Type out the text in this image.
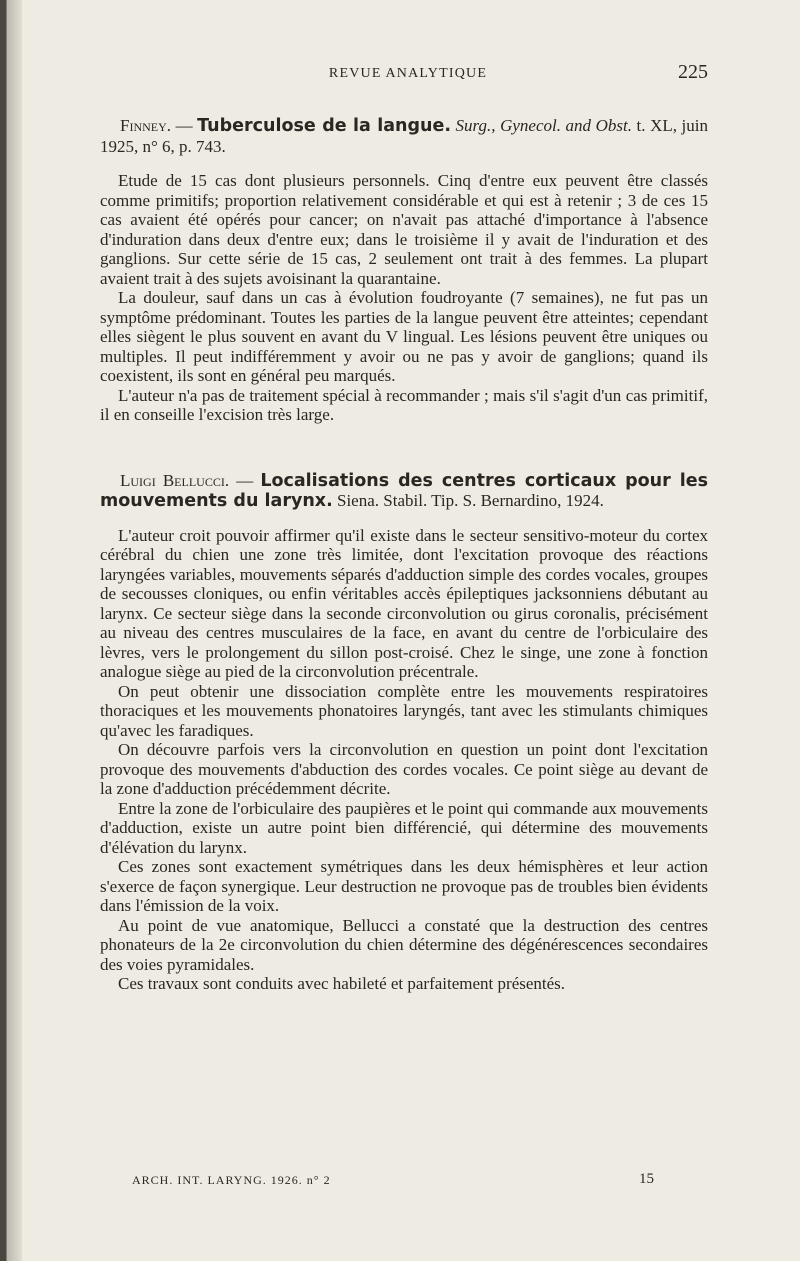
REVUE ANALYTIQUE	225

Finney. — Tuberculose de la langue. Surg., Gynecol. and Obst. t. XL, juin 1925, n° 6, p. 743.

Etude de 15 cas dont plusieurs personnels. Cinq d'entre eux peuvent être classés comme primitifs; proportion relativement considérable et qui est à retenir ; 3 de ces 15 cas avaient été opérés pour cancer; on n'avait pas attaché d'importance à l'absence d'induration dans deux d'entre eux; dans le troisième il y avait de l'induration et des ganglions. Sur cette série de 15 cas, 2 seulement ont trait à des femmes. La plupart avaient trait à des sujets avoisinant la quarantaine.

La douleur, sauf dans un cas à évolution foudroyante (7 semaines), ne fut pas un symptôme prédominant. Toutes les parties de la langue peuvent être atteintes; cependant elles siègent le plus souvent en avant du V lingual. Les lésions peuvent être uniques ou multiples. Il peut indifféremment y avoir ou ne pas y avoir de ganglions; quand ils coexistent, ils sont en général peu marqués.

L'auteur n'a pas de traitement spécial à recommander ; mais s'il s'agit d'un cas primitif, il en conseille l'excision très large.

Luigi Bellucci. — Localisations des centres corticaux pour les mouvements du larynx. Siena. Stabil. Tip. S. Bernardino, 1924.

L'auteur croit pouvoir affirmer qu'il existe dans le secteur sensitivo-moteur du cortex cérébral du chien une zone très limitée, dont l'excitation provoque des réactions laryngées variables, mouvements séparés d'adduction simple des cordes vocales, groupes de secousses cloniques, ou enfin véritables accès épileptiques jacksonniens débutant au larynx. Ce secteur siège dans la seconde circonvolution ou girus coronalis, précisément au niveau des centres musculaires de la face, en avant du centre de l'orbiculaire des lèvres, vers le prolongement du sillon post-croisé. Chez le singe, une zone à fonction analogue siège au pied de la circonvolution précentrale.

On peut obtenir une dissociation complète entre les mouvements respiratoires thoraciques et les mouvements phonatoires laryngés, tant avec les stimulants chimiques qu'avec les faradiques.

On découvre parfois vers la circonvolution en question un point dont l'excitation provoque des mouvements d'abduction des cordes vocales. Ce point siège au devant de la zone d'adduction précédemment décrite.

Entre la zone de l'orbiculaire des paupières et le point qui commande aux mouvements d'adduction, existe un autre point bien différencié, qui détermine des mouvements d'élévation du larynx.

Ces zones sont exactement symétriques dans les deux hémisphères et leur action s'exerce de façon synergique. Leur destruction ne provoque pas de troubles bien évidents dans l'émission de la voix.

Au point de vue anatomique, Bellucci a constaté que la destruction des centres phonateurs de la 2e circonvolution du chien détermine des dégénérescences secondaires des voies pyramidales.

Ces travaux sont conduits avec habileté et parfaitement présentés.

ARCH. INT. LARYNG. 1926. n° 2	15
